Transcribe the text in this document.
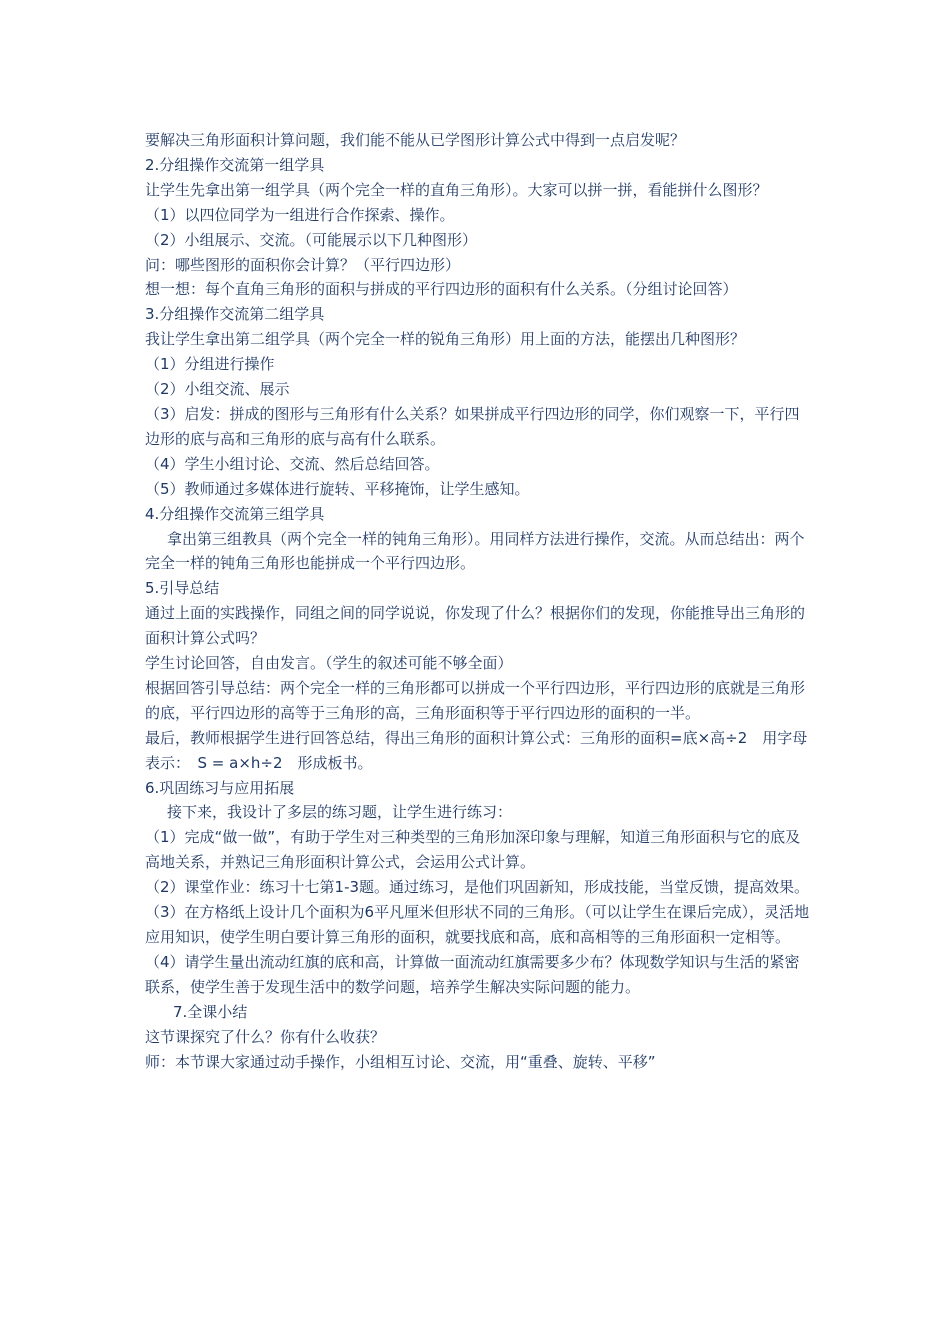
要解决三角形面积计算问题，我们能不能从已学图形计算公式中得到一点启发呢？

2.分组操作交流第一组学具

让学生先拿出第一组学具（两个完全一样的直角三角形）。大家可以拼一拼，看能拼什么图形？

（1）以四位同学为一组进行合作探索、操作。

（2）小组展示、交流。（可能展示以下几种图形）

问：哪些图形的面积你会计算？（平行四边形）

想一想：每个直角三角形的面积与拼成的平行四边形的面积有什么关系。（分组讨论回答）

3.分组操作交流第二组学具

我让学生拿出第二组学具（两个完全一样的锐角三角形）用上面的方法，能摆出几种图形？

（1）分组进行操作

（2）小组交流、展示

（3）启发：拼成的图形与三角形有什么关系？如果拼成平行四边形的同学，你们观察一下，平行四边形的底与高和三角形的底与高有什么联系。

（4）学生小组讨论、交流、然后总结回答。

（5）教师通过多媒体进行旋转、平移掩饰，让学生感知。

4.分组操作交流第三组学具

拿出第三组教具（两个完全一样的钝角三角形）。用同样方法进行操作，交流。从而总结出：两个完全一样的钝角三角形也能拼成一个平行四边形。

5.引导总结

通过上面的实践操作，同组之间的同学说说，你发现了什么？根据你们的发现，你能推导出三角形的面积计算公式吗？

学生讨论回答，自由发言。（学生的叙述可能不够全面）

根据回答引导总结：两个完全一样的三角形都可以拼成一个平行四边形，平行四边形的底就是三角形的底，平行四边形的高等于三角形的高，三角形面积等于平行四边形的面积的一半。

最后，教师根据学生进行回答总结，得出三角形的面积计算公式：三角形的面积=底×高÷2　用字母表示：　S = a×h÷2　形成板书。

6.巩固练习与应用拓展

接下来，我设计了多层的练习题，让学生进行练习：

（1）完成“做一做”，有助于学生对三种类型的三角形加深印象与理解，知道三角形面积与它的底及高地关系，并熟记三角形面积计算公式，会运用公式计算。

（2）课堂作业：练习十七第1-3题。通过练习，是他们巩固新知，形成技能，当堂反馈，提高效果。

（3）在方格纸上设计几个面积为6平凡厘米但形状不同的三角形。（可以让学生在课后完成），灵活地应用知识，使学生明白要计算三角形的面积，就要找底和高，底和高相等的三角形面积一定相等。

（4）请学生量出流动红旗的底和高，计算做一面流动红旗需要多少布？体现数学知识与生活的紧密联系，使学生善于发现生活中的数学问题，培养学生解决实际问题的能力。

7.全课小结

这节课探究了什么？你有什么收获？

师：本节课大家通过动手操作，小组相互讨论、交流，用“重叠、旋转、平移”
